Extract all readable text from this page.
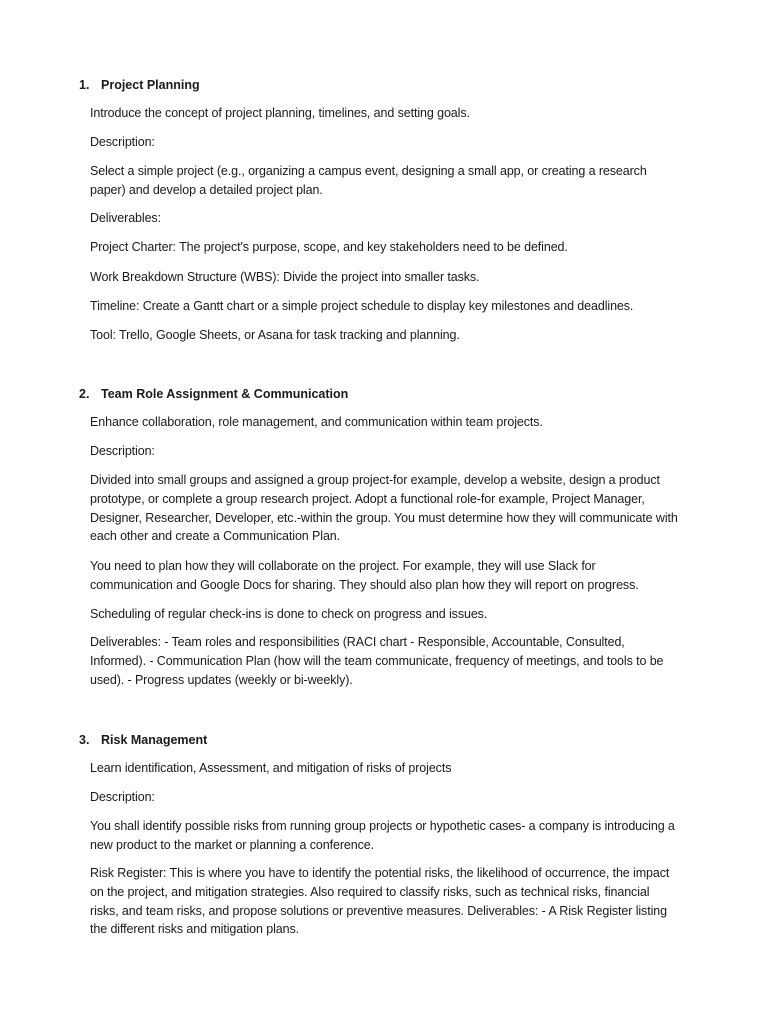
1. Project Planning

Introduce the concept of project planning, timelines, and setting goals.

Description:

Select a simple project (e.g., organizing a campus event, designing a small app, or creating a research paper) and develop a detailed project plan.

Deliverables:

Project Charter: The project's purpose, scope, and key stakeholders need to be defined.

Work Breakdown Structure (WBS): Divide the project into smaller tasks.

Timeline: Create a Gantt chart or a simple project schedule to display key milestones and deadlines.

Tool: Trello, Google Sheets, or Asana for task tracking and planning.

2. Team Role Assignment & Communication

Enhance collaboration, role management, and communication within team projects.

Description:

Divided into small groups and assigned a group project-for example, develop a website, design a product prototype, or complete a group research project. Adopt a functional role-for example, Project Manager, Designer, Researcher, Developer, etc.-within the group. You must determine how they will communicate with each other and create a Communication Plan.

You need to plan how they will collaborate on the project. For example, they will use Slack for communication and Google Docs for sharing. They should also plan how they will report on progress.

Scheduling of regular check-ins is done to check on progress and issues.

Deliverables: - Team roles and responsibilities (RACI chart - Responsible, Accountable, Consulted, Informed). - Communication Plan (how will the team communicate, frequency of meetings, and tools to be used). - Progress updates (weekly or bi-weekly).

3. Risk Management

Learn identification, Assessment, and mitigation of risks of projects

Description:

You shall identify possible risks from running group projects or hypothetic cases- a company is introducing a new product to the market or planning a conference.

Risk Register: This is where you have to identify the potential risks, the likelihood of occurrence, the impact on the project, and mitigation strategies. Also required to classify risks, such as technical risks, financial risks, and team risks, and propose solutions or preventive measures. Deliverables: - A Risk Register listing the different risks and mitigation plans.
